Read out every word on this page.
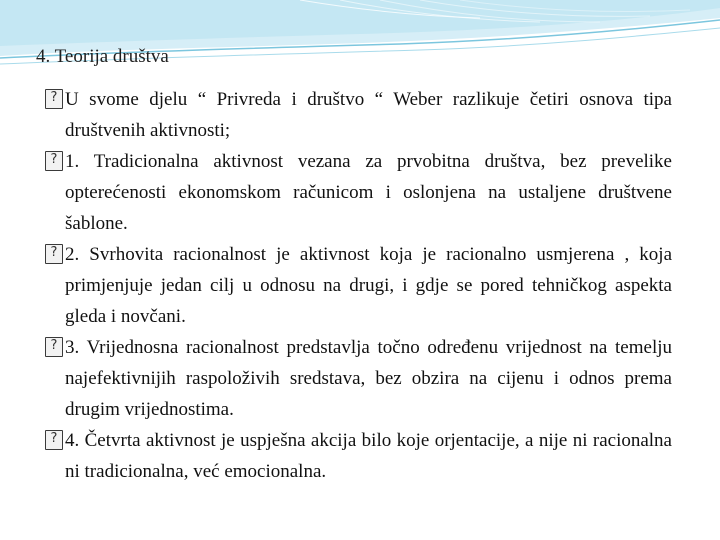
4. Teorija društva

?
U svome djelu “ Privreda i društvo “ Weber razlikuje četiri osnova tipa društvenih aktivnosti;

?
1. Tradicionalna aktivnost vezana za prvobitna društva, bez prevelike opterećenosti ekonomskom računicom i oslonjena na ustaljene društvene šablone.

?
2. Svrhovita racionalnost je aktivnost koja je racionalno usmjerena , koja primjenjuje jedan cilj u odnosu na drugi, i gdje se pored tehničkog aspekta gleda i novčani.

?
3. Vrijednosna racionalnost predstavlja točno određenu vrijednost na temelju najefektivnijih raspoloživih sredstava, bez obzira na cijenu i odnos prema drugim vrijednostima.

?
4. Četvrta aktivnost je uspješna akcija bilo koje orjentacije, a nije ni racionalna ni tradicionalna, već emocionalna.
